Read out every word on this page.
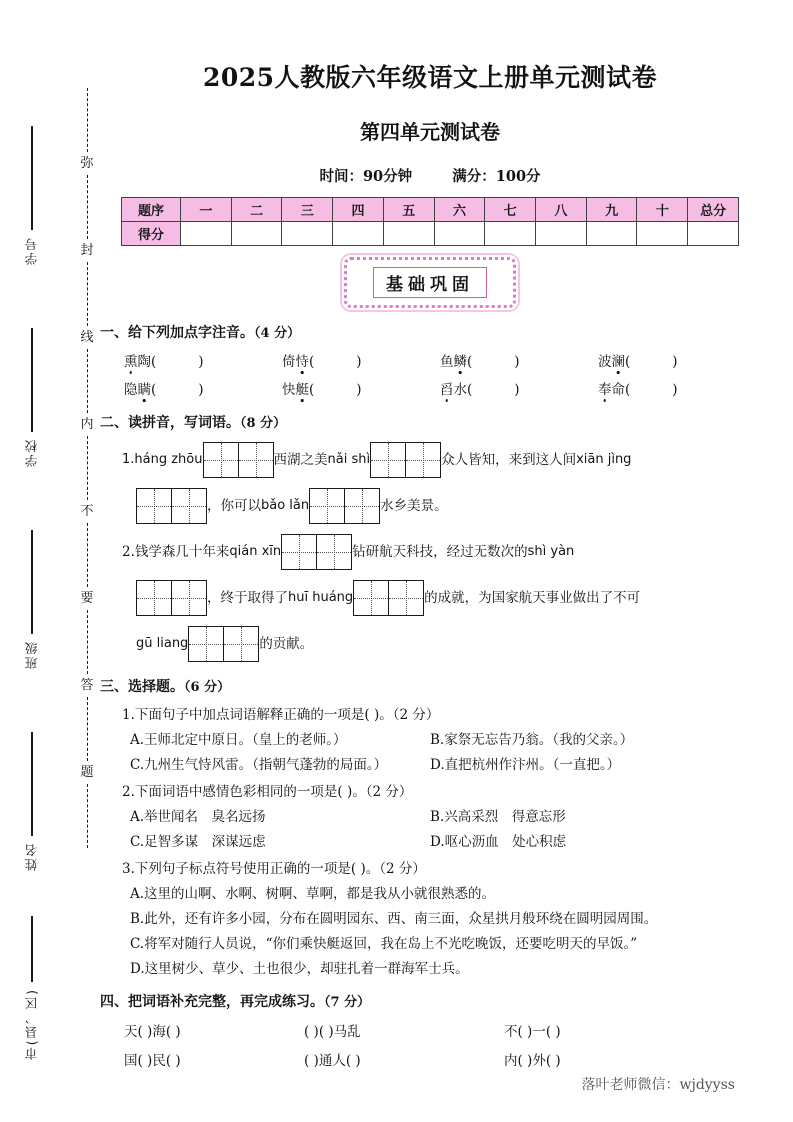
学号
学校
班级
姓名
市(县、区)
弥
封
线
内
不
要
答
题
2025人教版六年级语文上册单元测试卷
第四单元测试卷
时间：90分钟	满分：100分
题序	一	二	三	四	五	六	七	八	九	十	总分
得分											
基础巩固
一、给下列加点字注音。（4 分）
熏陶(	)	倚恃(	)	鱼鳞(	)	波澜(	)
隐瞒(	)	快艇(	)	舀水(	)	奉命(	)
二、读拼音，写词语。（8 分）
1. háng zhōu	西湖之美 nǎi shì	众人皆知，来到这人间 xiān jìng
，你可以 bǎo lǎn	水乡美景。
2. 钱学森几十年来 qián xīn	钻研航天科技，经过无数次的 shì yàn
，终于取得了 huī huáng	的成就，为国家航天事业做出了不可
gū liang	的贡献。
三、选择题。（6 分）
1.下面句子中加点词语解释正确的一项是( )。（2 分）
A.王师北定中原日。（皇上的老师。）	B.家祭无忘告乃翁。（我的父亲。）
C.九州生气恃风雷。（指朝气蓬勃的局面。）	D.直把杭州作汴州。（一直把。）
2.下面词语中感情色彩相同的一项是( )。（2 分）
A.举世闻名　臭名远扬	B.兴高采烈　得意忘形
C.足智多谋　深谋远虑	D.呕心沥血　处心积虑
3.下列句子标点符号使用正确的一项是( )。（2 分）
A.这里的山啊、水啊、树啊、草啊，都是我从小就很熟悉的。
B.此外，还有许多小园，分布在圆明园东、西、南三面，众星拱月般环绕在圆明园周围。
C.将军对随行人员说，“你们乘快艇返回，我在岛上不光吃晚饭，还要吃明天的早饭。”
D.这里树少、草少、土也很少，却驻扎着一群海军士兵。
四、把词语补充完整，再完成练习。（7 分）
天( )海( )	( )( )马乱	不( )一( )
国( )民( )	( )通人( )	内( )外( )
落叶老师微信：wjdyyss
